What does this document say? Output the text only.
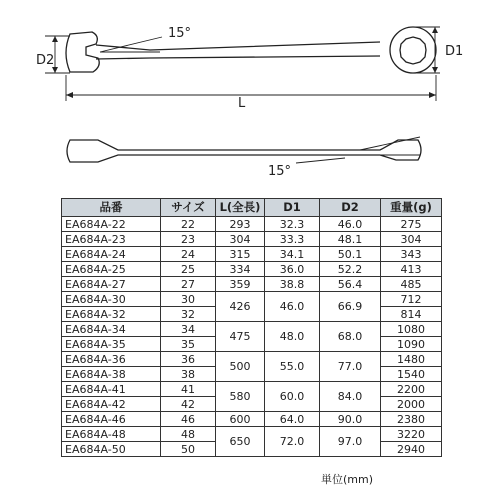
15°
D2
D1
L
15°
品番	サイズ	L(全長)	D1	D2	重量(g)
EA684A-22	22	293	32.3	46.0	275
EA684A-23	23	304	33.3	48.1	304
EA684A-24	24	315	34.1	50.1	343
EA684A-25	25	334	36.0	52.2	413
EA684A-27	27	359	38.8	56.4	485
EA684A-30	30	426	46.0	66.9	712
EA684A-32	32				814
EA684A-34	34	475	48.0	68.0	1080
EA684A-35	35				1090
EA684A-36	36	500	55.0	77.0	1480
EA684A-38	38				1540
EA684A-41	41	580	60.0	84.0	2200
EA684A-42	42				2000
EA684A-46	46	600	64.0	90.0	2380
EA684A-48	48	650	72.0	97.0	3220
EA684A-50	50				2940
単位(mm)
